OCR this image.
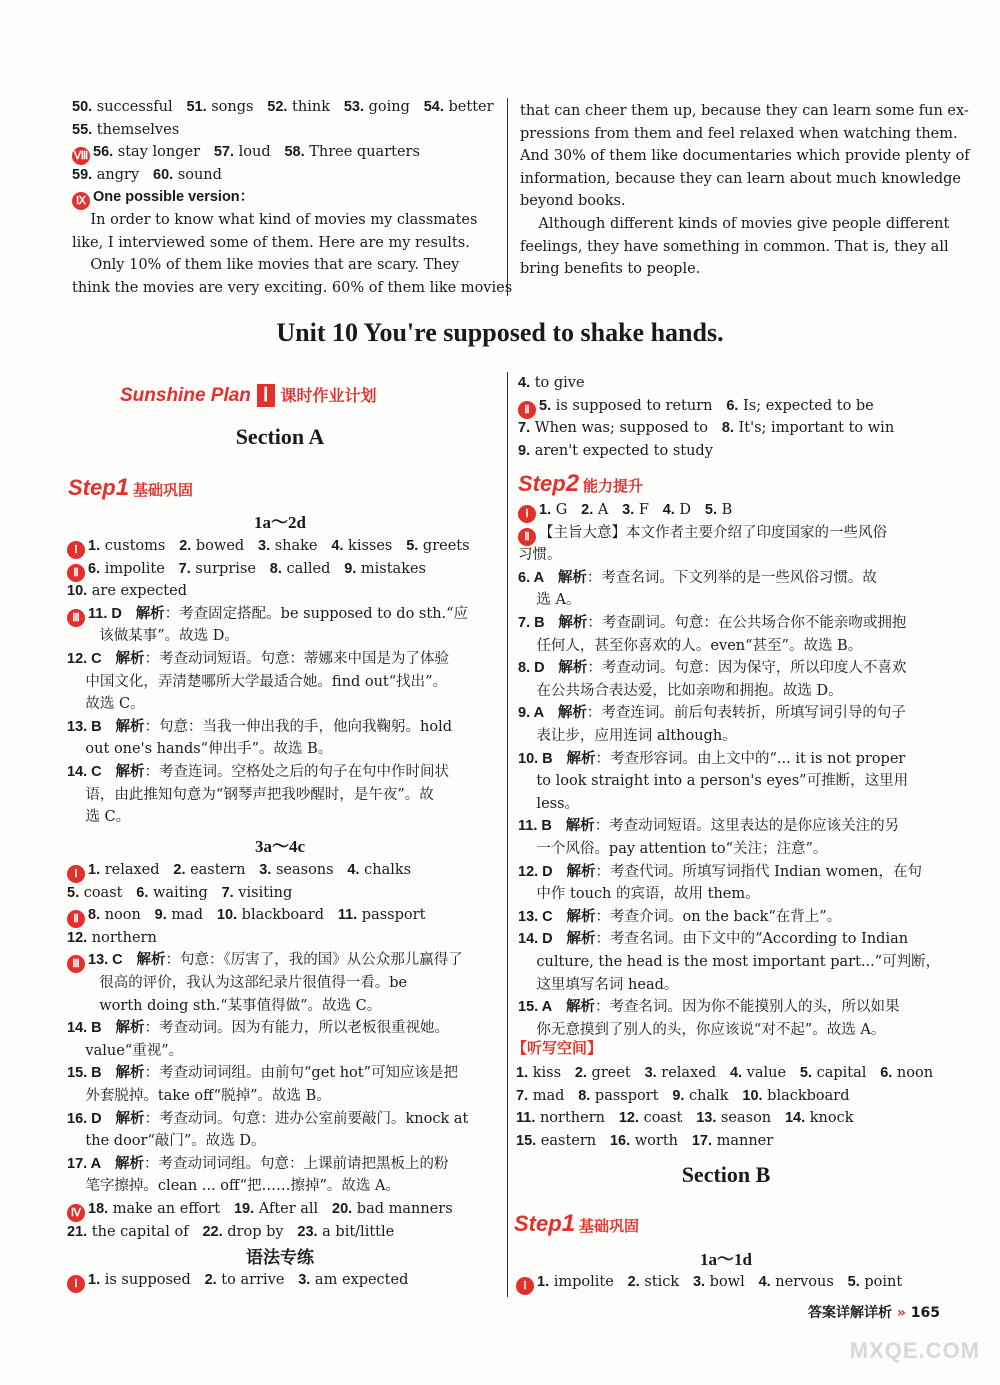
50. successful   51. songs   52. think   53. going   54. better
55. themselves
Ⅷ 56. stay longer   57. loud   58. Three quarters
59. angry   60. sound
Ⅸ One possible version：
In order to know what kind of movies my classmates
like, I interviewed some of them. Here are my results.
Only 10% of them like movies that are scary. They
think the movies are very exciting. 60% of them like movies
that can cheer them up, because they can learn some fun ex-
pressions from them and feel relaxed when watching them.
And 30% of them like documentaries which provide plenty of
information, because they can learn about much knowledge
beyond books.
Although different kinds of movies give people different
feelings, they have something in common. That is, they all
bring benefits to people.
Unit 10 You're supposed to shake hands.
Sunshine Plan Ⅰ 课时作业计划
Section A
Step1 基础巩固
1a～2d
Ⅰ 1. customs   2. bowed   3. shake   4. kisses   5. greets
Ⅱ 6. impolite   7. surprise   8. called   9. mistakes
10. are expected
Ⅲ 11. D 解析：考查固定搭配。be supposed to do sth.“应
该做某事”。故选 D。
12. C 解析：考查动词短语。句意：蒂娜来中国是为了体验
中国文化，弄清楚哪所大学最适合她。find out“找出”。
故选 C。
13. B 解析：句意：当我一伸出我的手，他向我鞠躬。hold
out one's hands“伸出手”。故选 B。
14. C 解析：考查连词。空格处之后的句子在句中作时间状
语，由此推知句意为“钢琴声把我吵醒时，是午夜”。故
选 C。
3a～4c
Ⅰ 1. relaxed   2. eastern   3. seasons   4. chalks
5. coast   6. waiting   7. visiting
Ⅱ 8. noon   9. mad   10. blackboard   11. passport
12. northern
Ⅲ 13. C 解析：句意：《厉害了，我的国》从公众那儿赢得了
很高的评价，我认为这部纪录片很值得一看。be
worth doing sth.“某事值得做”。故选 C。
14. B 解析：考查动词。因为有能力，所以老板很重视她。
value“重视”。
15. B 解析：考查动词词组。由前句“get hot”可知应该是把
外套脱掉。take off“脱掉”。故选 B。
16. D 解析：考查动词。句意：进办公室前要敲门。knock at
the door“敲门”。故选 D。
17. A 解析：考查动词词组。句意：上课前请把黑板上的粉
笔字擦掉。clean ... off“把……擦掉”。故选 A。
Ⅳ 18. make an effort   19. After all   20. bad manners
21. the capital of   22. drop by   23. a bit/little
语法专练
Ⅰ 1. is supposed   2. to arrive   3. am expected
4. to give
Ⅱ 5. is supposed to return   6. Is; expected to be
7. When was; supposed to   8. It's; important to win
9. aren't expected to study
Step2 能力提升
Ⅰ 1. G   2. A   3. F   4. D   5. B
Ⅱ 【主旨大意】本文作者主要介绍了印度国家的一些风俗
习惯。
6. A 解析：考查名词。下文列举的是一些风俗习惯。故
选 A。
7. B 解析：考查副词。句意：在公共场合你不能亲吻或拥抱
任何人，甚至你喜欢的人。even“甚至”。故选 B。
8. D 解析：考查动词。句意：因为保守，所以印度人不喜欢
在公共场合表达爱，比如亲吻和拥抱。故选 D。
9. A 解析：考查连词。前后句表转折，所填写词引导的句子
表让步，应用连词 although。
10. B 解析：考查形容词。由上文中的“... it is not proper
to look straight into a person's eyes”可推断，这里用
less。
11. B 解析：考查动词短语。这里表达的是你应该关注的另
一个风俗。pay attention to“关注；注意”。
12. D 解析：考查代词。所填写词指代 Indian women，在句
中作 touch 的宾语，故用 them。
13. C 解析：考查介词。on the back“在背上”。
14. D 解析：考查名词。由下文中的“According to Indian
culture, the head is the most important part...”可判断，
这里填写名词 head。
15. A 解析：考查名词。因为你不能摸别人的头，所以如果
你无意摸到了别人的头，你应该说“对不起”。故选 A。
【听写空间】
1. kiss   2. greet   3. relaxed   4. value   5. capital   6. noon
7. mad   8. passport   9. chalk   10. blackboard
11. northern   12. coast   13. season   14. knock
15. eastern   16. worth   17. manner
Section B
Step1 基础巩固
1a～1d
Ⅰ 1. impolite   2. stick   3. bowl   4. nervous   5. point
答案详解详析 » 165
MXQE.COM
